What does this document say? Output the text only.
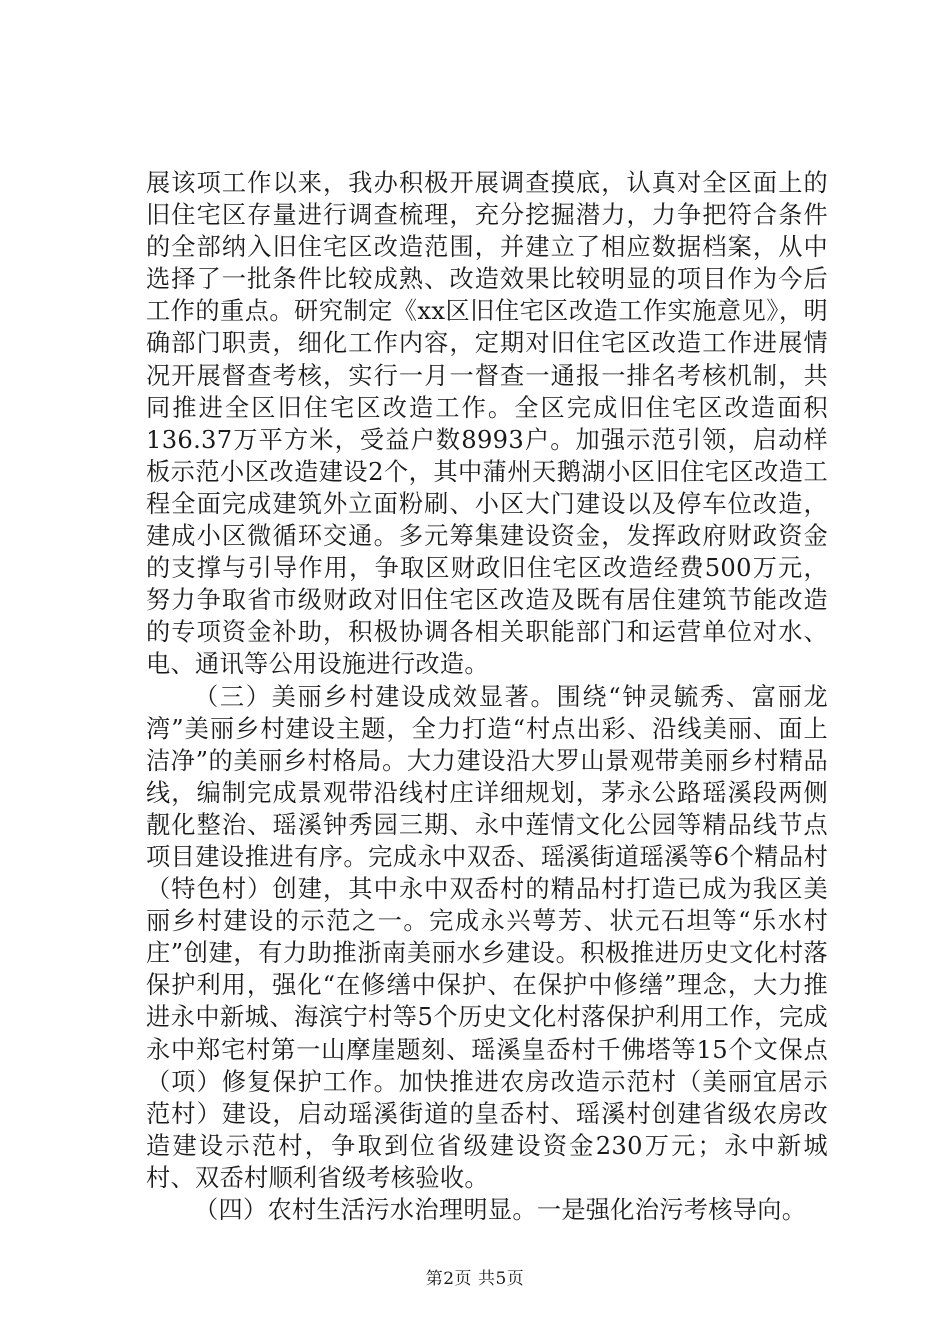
展该项工作以来，我办积极开展调查摸底，认真对全区面上的旧住宅区存量进行调查梳理，充分挖掘潜力，力争把符合条件的全部纳入旧住宅区改造范围，并建立了相应数据档案，从中选择了一批条件比较成熟、改造效果比较明显的项目作为今后工作的重点。研究制定《xx区旧住宅区改造工作实施意见》，明确部门职责，细化工作内容，定期对旧住宅区改造工作进展情况开展督查考核，实行一月一督查一通报一排名考核机制，共同推进全区旧住宅区改造工作。全区完成旧住宅区改造面积136.37万平方米，受益户数8993户。加强示范引领，启动样板示范小区改造建设2个，其中蒲州天鹅湖小区旧住宅区改造工程全面完成建筑外立面粉刷、小区大门建设以及停车位改造，建成小区微循环交通。多元筹集建设资金，发挥政府财政资金的支撑与引导作用，争取区财政旧住宅区改造经费500万元，努力争取省市级财政对旧住宅区改造及既有居住建筑节能改造的专项资金补助，积极协调各相关职能部门和运营单位对水、电、通讯等公用设施进行改造。

（三）美丽乡村建设成效显著。围绕“钟灵毓秀、富丽龙湾”美丽乡村建设主题，全力打造“村点出彩、沿线美丽、面上洁净”的美丽乡村格局。大力建设沿大罗山景观带美丽乡村精品线，编制完成景观带沿线村庄详细规划，茅永公路瑶溪段两侧靓化整治、瑶溪钟秀园三期、永中莲情文化公园等精品线节点项目建设推进有序。完成永中双岙、瑶溪街道瑶溪等6个精品村（特色村）创建，其中永中双岙村的精品村打造已成为我区美丽乡村建设的示范之一。完成永兴萼芳、状元石坦等“乐水村庄”创建，有力助推浙南美丽水乡建设。积极推进历史文化村落保护利用，强化“在修缮中保护、在保护中修缮”理念，大力推进永中新城、海滨宁村等5个历史文化村落保护利用工作，完成永中郑宅村第一山摩崖题刻、瑶溪皇岙村千佛塔等15个文保点（项）修复保护工作。加快推进农房改造示范村（美丽宜居示范村）建设，启动瑶溪街道的皇岙村、瑶溪村创建省级农房改造建设示范村，争取到位省级建设资金230万元；永中新城村、双岙村顺利省级考核验收。

（四）农村生活污水治理明显。一是强化治污考核导向。

第2页 共5页
